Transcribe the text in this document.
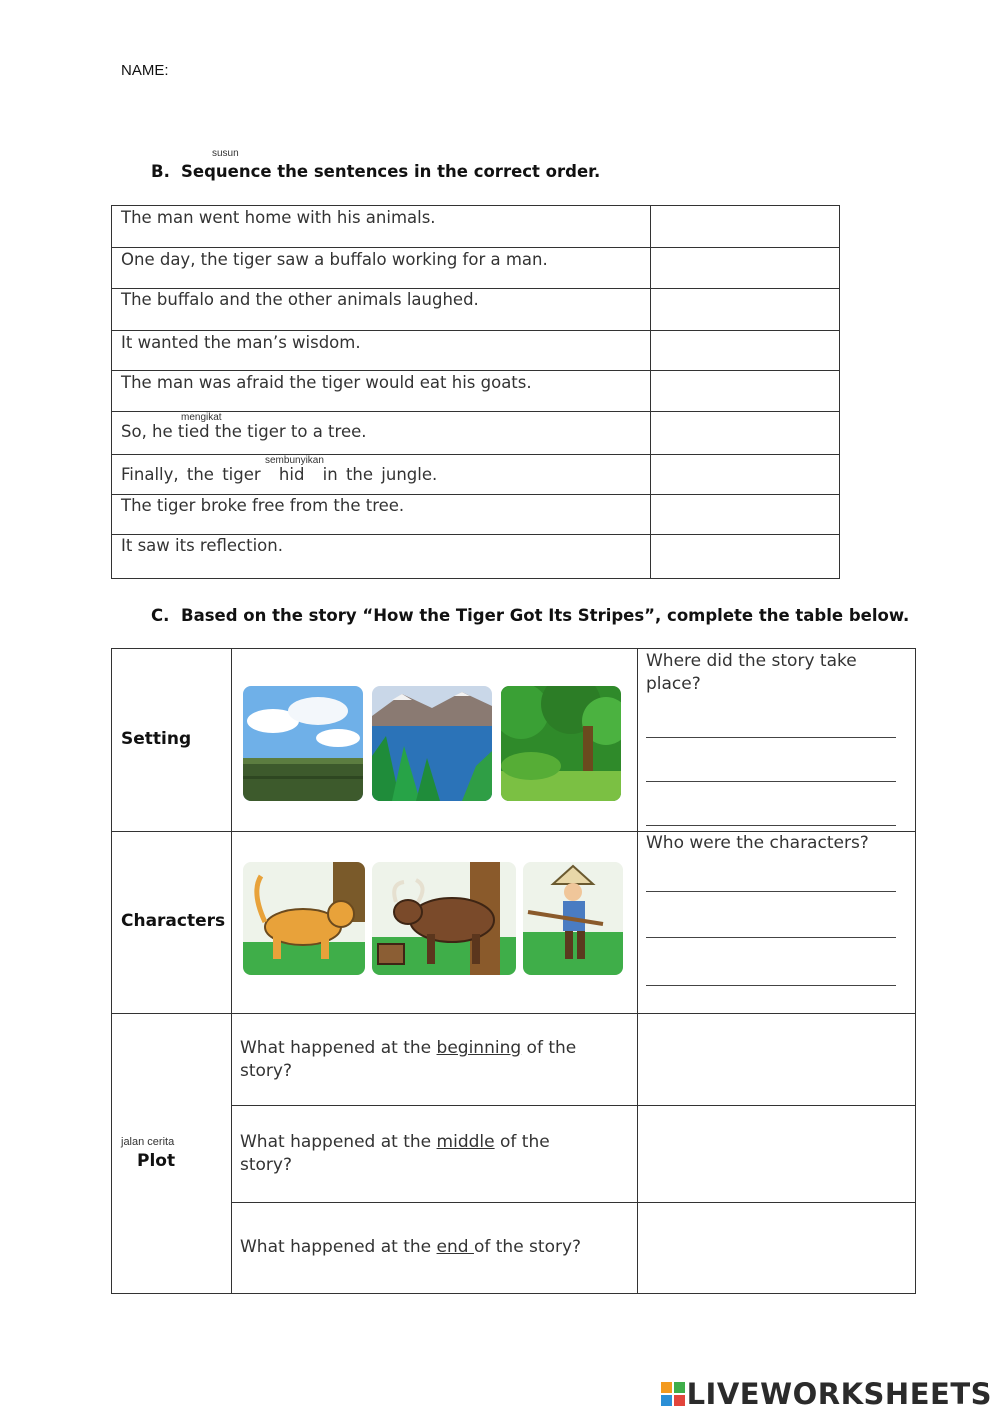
NAME:
susun
B. Sequence the sentences in the correct order.
The man went home with his animals.
One day, the tiger saw a buffalo working for a man.
The buffalo and the other animals laughed.
It wanted the man’s wisdom.
The man was afraid the tiger would eat his goats.
mengikat
So, he tied the tiger to a tree.
sembunyikan
Finally, the tiger hid in the jungle.
The tiger broke free from the tree.
It saw its reflection.
C. Based on the story “How the Tiger Got Its Stripes”, complete the table below.
Setting
Where did the story take
place?
Characters
Who were the characters?
jalan cerita
Plot
What happened at the beginning of the
story?
What happened at the middle of the
story?
What happened at the end of the story?
LIVEWORKSHEETS
